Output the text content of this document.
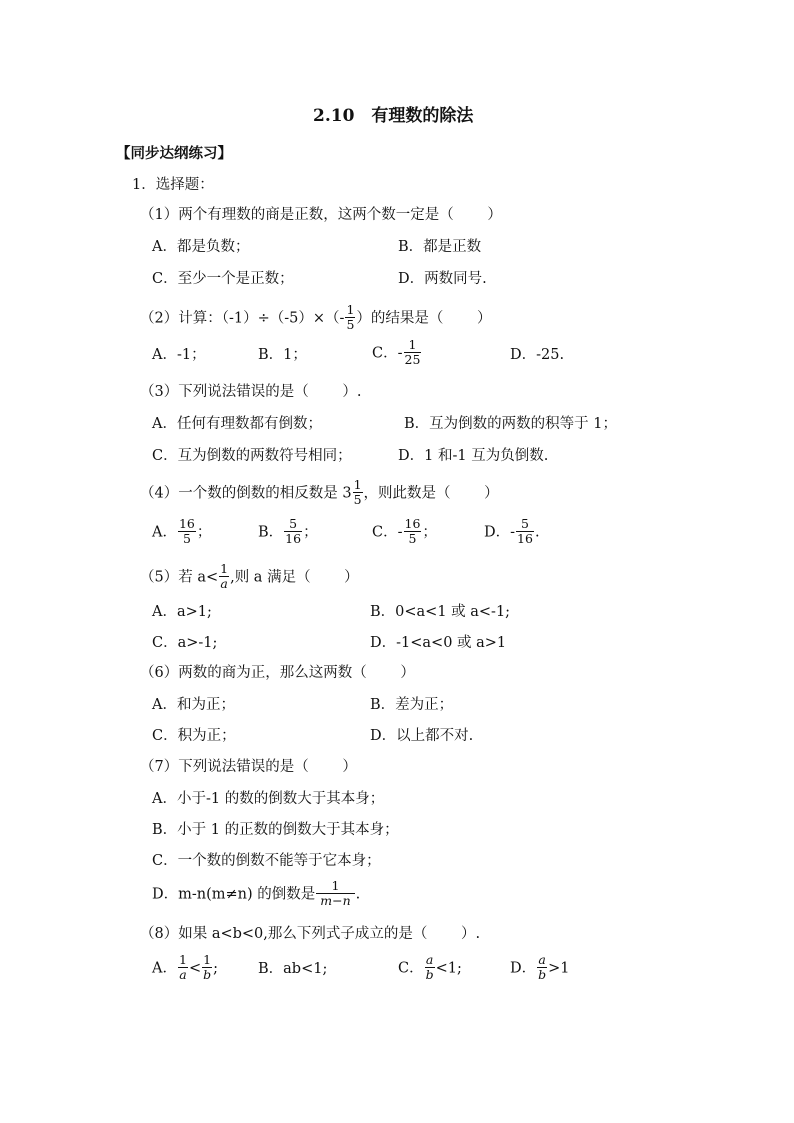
2.10　有理数的除法
【同步达纲练习】
1．选择题：
（1）两个有理数的商是正数，这两个数一定是（ 　　）
A．都是负数；	B．都是正数
C．至少一个是正数；	D．两数同号.
（2）计算：$(-1)\div(-5)\times(- \frac{1}{5}$ ）的结果是（ 　　）
A．-1；	B．1；	C．- $\frac{1}{25}$	D．-25.
（3）下列说法错误的是（ 　　）.
A．任何有理数都有倒数；	B．互为倒数的两数的积等于 1；
C．互为倒数的两数符号相同；	D．1 和-1 互为负倒数.
（4）一个数的倒数的相反数是 $3 \frac{1}{5}$ ，则此数是（ 　　）
A． $\frac{16}{5}$ ；	B． $\frac{5}{16}$ ；	C．- $\frac{16}{5}$ ；	D．- $\frac{5}{16}$ .
（5）若 $a< \frac{1}{a}$ ,则 a 满足（ 　　）
A．a>1;	B．0<a<1 或 a<-1;
C．a>-1;	D．-1<a<0 或 a>1
（6）两数的商为正，那么这两数（ 　　）
A．和为正；	B．差为正；
C．积为正；	D．以上都不对.
（7）下列说法错误的是（ 　　）
A．小于-1 的数的倒数大于其本身；
B．小于 1 的正数的倒数大于其本身；
C．一个数的倒数不能等于它本身；
D．m-n(m≠n) 的倒数是 $\frac{1}{m-n}$ .
（8）如果 a<b<0,那么下列式子成立的是（ 　　）.
A． $\frac{1}{a} < \frac{1}{b}$ ;	B．ab<1;	C． $\frac{a}{b} <1$;	D． $\frac{a}{b} >1$
